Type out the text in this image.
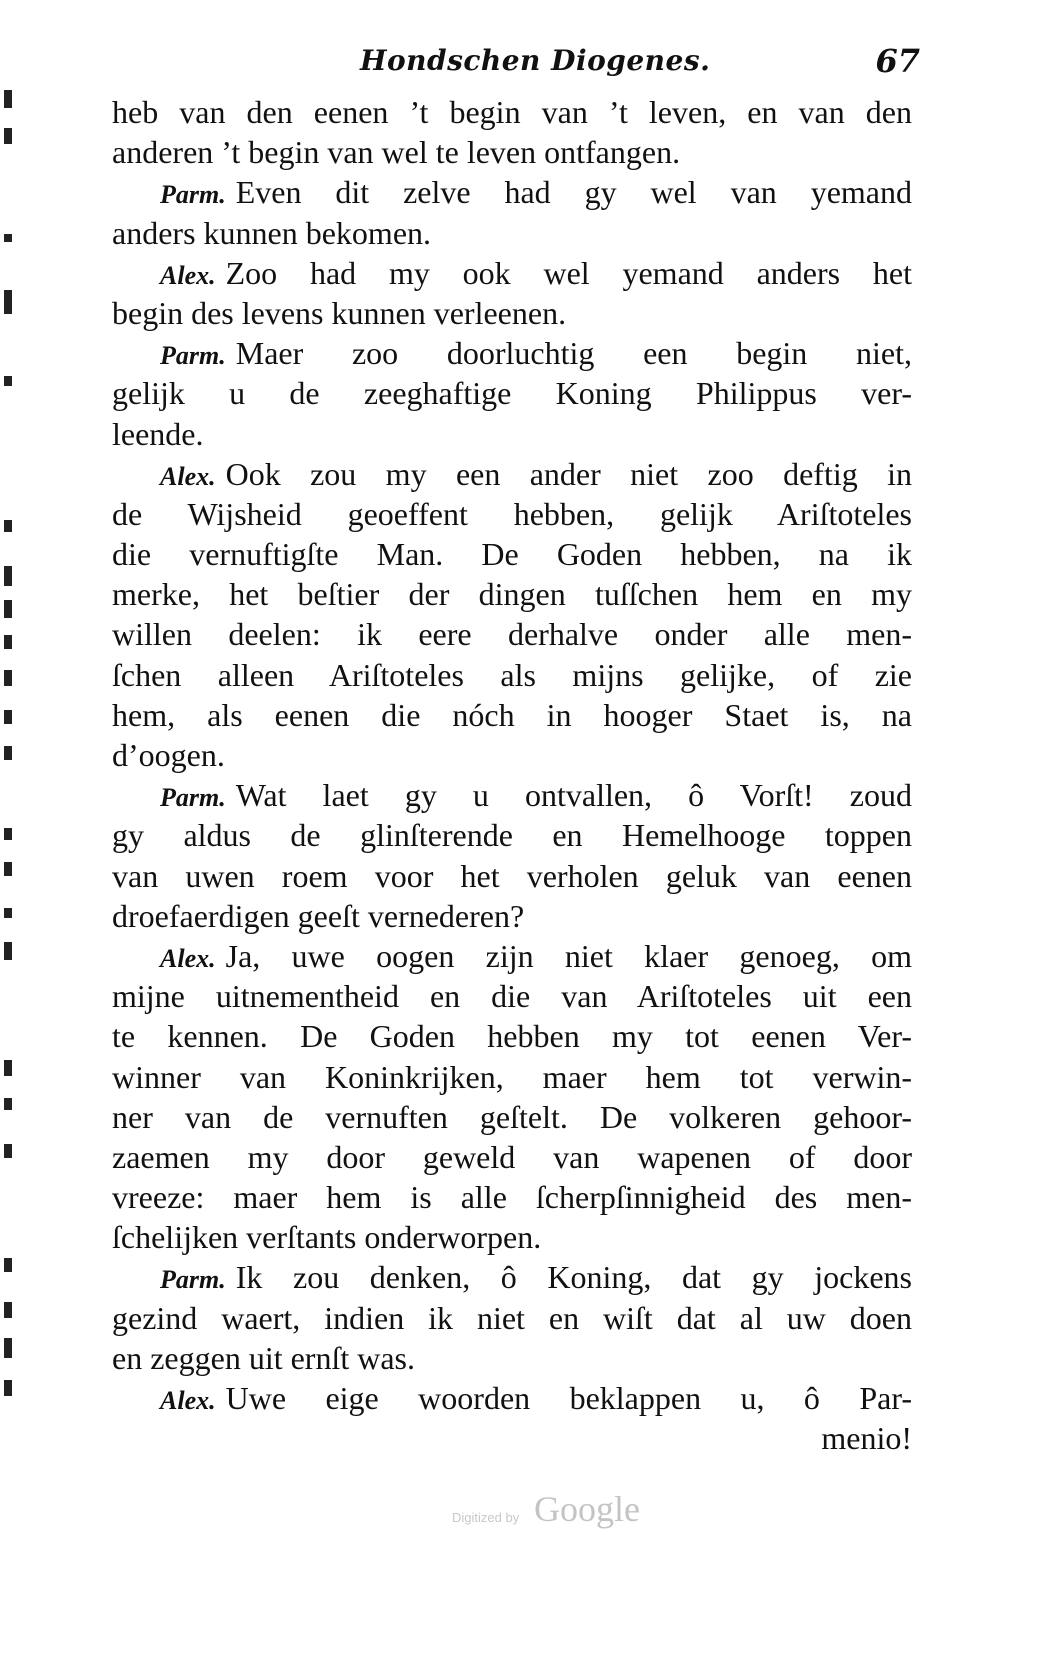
Hondschen Diogenes.	67
heb van den eenen ’t begin van ’t leven, en van den
anderen ’t begin van wel te leven ontfangen.
Parm. Even dit zelve had gy wel van yemand
anders kunnen bekomen.
Alex. Zoo had my ook wel yemand anders het
begin des levens kunnen verleenen.
Parm. Maer zoo doorluchtig een begin niet,
gelijk u de zeeghaftige Koning Philippus ver-
leende.
Alex. Ook zou my een ander niet zoo deftig in
de Wijsheid geoeffent hebben, gelijk Ariſtoteles
die vernuftigſte Man. De Goden hebben, na ik
merke, het beſtier der dingen tuſſchen hem en my
willen deelen: ik eere derhalve onder alle men-
ſchen alleen Ariſtoteles als mijns gelijke, of zie
hem, als eenen die nóch in hooger Staet is, na
d’oogen.
Parm. Wat laet gy u ontvallen, ô Vorſt! zoud
gy aldus de glinſterende en Hemelhooge toppen
van uwen roem voor het verholen geluk van eenen
droefaerdigen geeſt vernederen?
Alex. Ja, uwe oogen zijn niet klaer genoeg, om
mijne uitnementheid en die van Ariſtoteles uit een
te kennen. De Goden hebben my tot eenen Ver-
winner van Koninkrijken, maer hem tot verwin-
ner van de vernuften geſtelt. De volkeren gehoor-
zaemen my door geweld van wapenen of door
vreeze: maer hem is alle ſcherpſinnigheid des men-
ſchelijken verſtants onderworpen.
Parm. Ik zou denken, ô Koning, dat gy jockens
gezind waert, indien ik niet en wiſt dat al uw doen
en zeggen uit ernſt was.
Alex. Uwe eige woorden beklappen u, ô Par-
menio!
Digitized by Google
